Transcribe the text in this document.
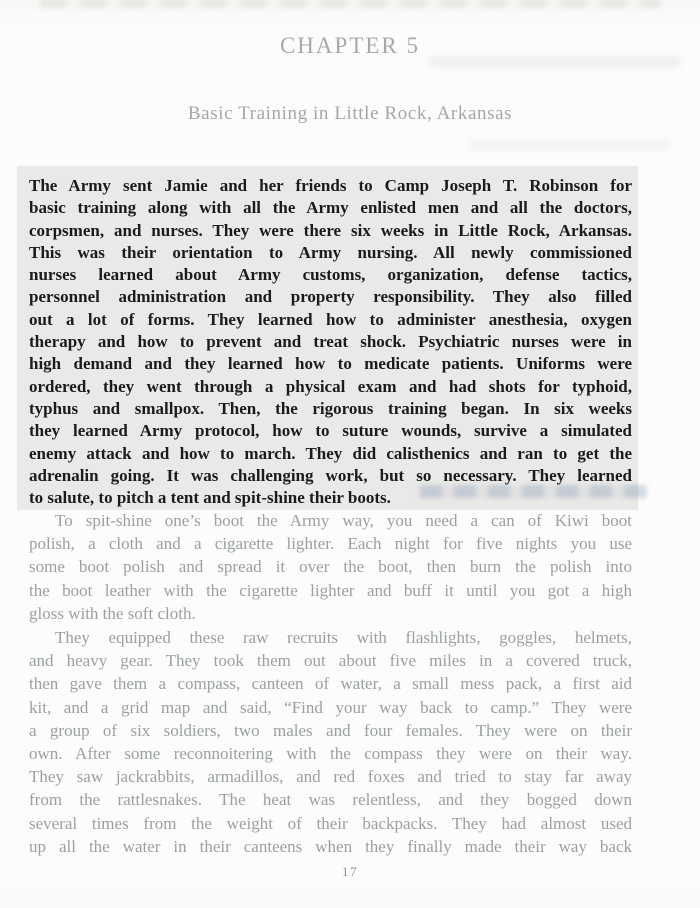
CHAPTER 5
Basic Training in Little Rock, Arkansas
The Army sent Jamie and her friends to Camp Joseph T. Robinson for
basic training along with all the Army enlisted men and all the doctors,
corpsmen, and nurses. They were there six weeks in Little Rock, Arkansas.
This was their orientation to Army nursing. All newly commissioned
nurses learned about Army customs, organization, defense tactics,
personnel administration and property responsibility. They also filled
out a lot of forms. They learned how to administer anesthesia, oxygen
therapy and how to prevent and treat shock. Psychiatric nurses were in
high demand and they learned how to medicate patients. Uniforms were
ordered, they went through a physical exam and had shots for typhoid,
typhus and smallpox. Then, the rigorous training began. In six weeks
they learned Army protocol, how to suture wounds, survive a simulated
enemy attack and how to march. They did calisthenics and ran to get the
adrenalin going. It was challenging work, but so necessary. They learned
to salute, to pitch a tent and spit-shine their boots.
To spit-shine one’s boot the Army way, you need a can of Kiwi boot
polish, a cloth and a cigarette lighter. Each night for five nights you use
some boot polish and spread it over the boot, then burn the polish into
the boot leather with the cigarette lighter and buff it until you got a high
gloss with the soft cloth.
They equipped these raw recruits with flashlights, goggles, helmets,
and heavy gear. They took them out about five miles in a covered truck,
then gave them a compass, canteen of water, a small mess pack, a first aid
kit, and a grid map and said, “Find your way back to camp.” They were
a group of six soldiers, two males and four females. They were on their
own. After some reconnoitering with the compass they were on their way.
They saw jackrabbits, armadillos, and red foxes and tried to stay far away
from the rattlesnakes. The heat was relentless, and they bogged down
several times from the weight of their backpacks. They had almost used
up all the water in their canteens when they finally made their way back
17
